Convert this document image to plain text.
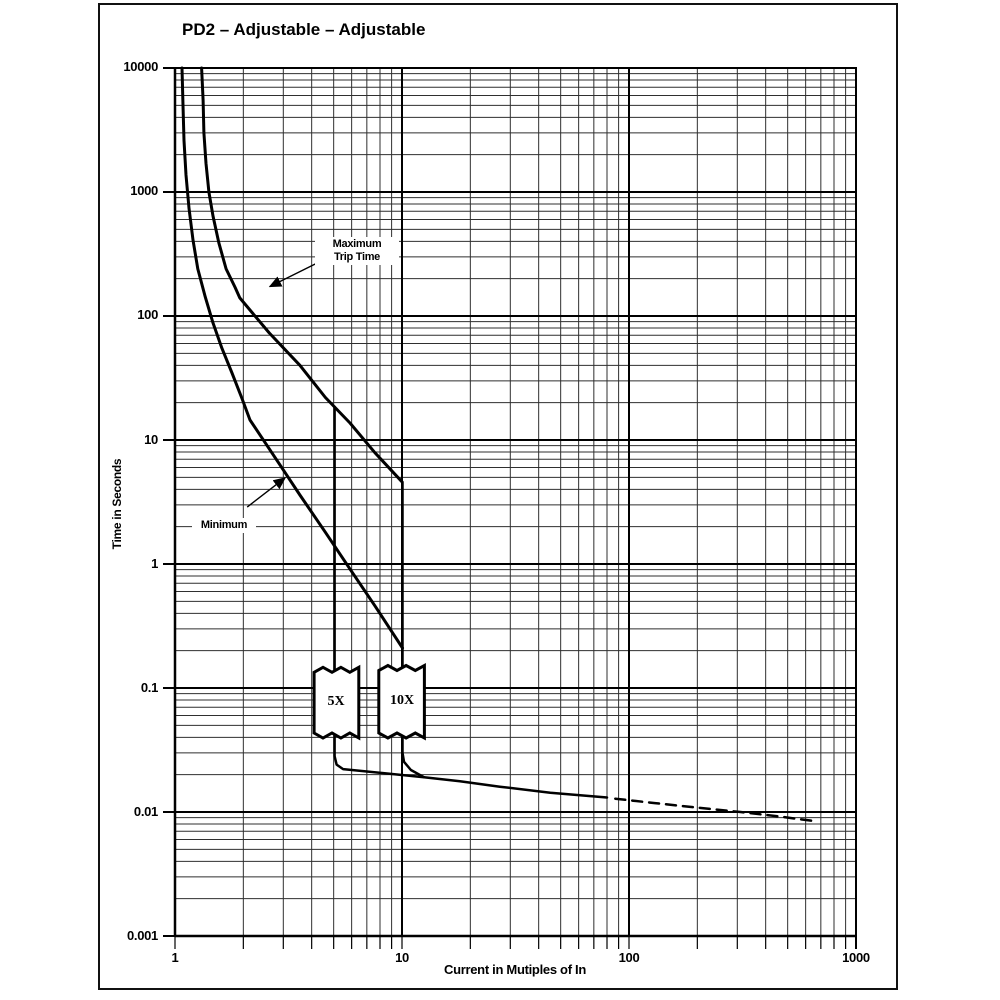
PD2 – Adjustable – Adjustable
Time in Seconds
Current in Mutiples of In
10000
1000
100
10
1
0.1
0.01
0.001
1	10	100	1000
Maximum
Trip Time
Minimum
5X	10X
